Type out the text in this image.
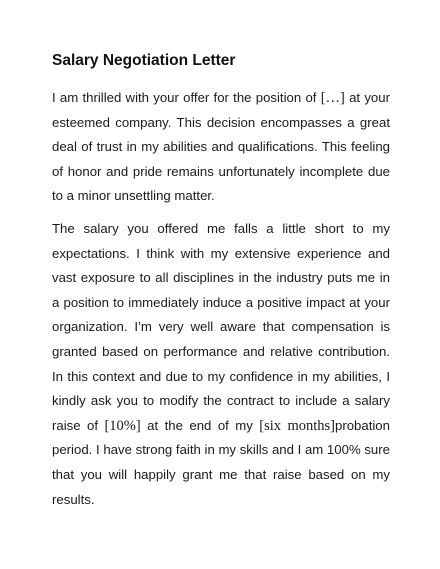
Salary Negotiation Letter

I am thrilled with your offer for the position of […] at your esteemed company. This decision encompasses a great deal of trust in my abilities and qualifications. This feeling of honor and pride remains unfortunately incomplete due to a minor unsettling matter.

The salary you offered me falls a little short to my expectations. I think with my extensive experience and vast exposure to all disciplines in the industry puts me in a position to immediately induce a positive impact at your organization. I’m very well aware that compensation is granted based on performance and relative contribution. In this context and due to my confidence in my abilities, I kindly ask you to modify the contract to include a salary raise of [10%] at the end of my [six months]probation period. I have strong faith in my skills and I am 100% sure that you will happily grant me that raise based on my results.
